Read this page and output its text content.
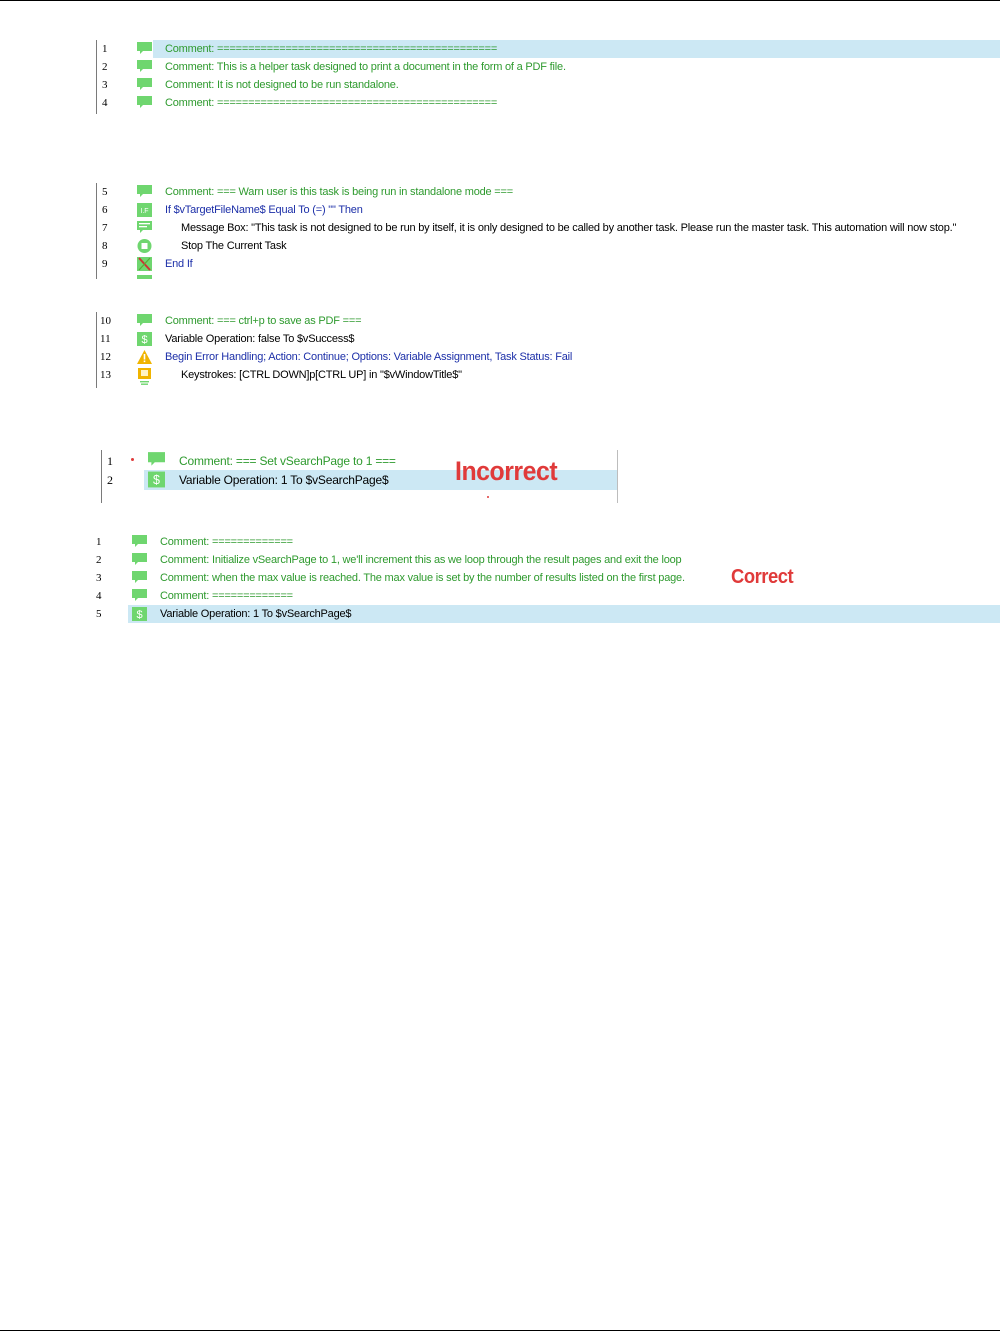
1	Comment: =============================================
2	Comment: This is a helper task designed to print a document in the form of a PDF file.
3	Comment: It is not designed to be run standalone.
4	Comment: =============================================
5	Comment: === Warn user is this task is being run in standalone mode ===
6	I.F If $vTargetFileName$ Equal To (=) "" Then
7	Message Box: "This task is not designed to be run by itself, it is only designed to be called by another task. Please run the master task. This automation will now stop."
8	Stop The Current Task
9	End If
10	Comment: === ctrl+p to save as PDF ===
11	$ Variable Operation: false To $vSuccess$
12	Begin Error Handling; Action: Continue; Options: Variable Assignment, Task Status: Fail
13	Keystrokes: [CTRL DOWN]p[CTRL UP] in "$vWindowTitle$"
1	Comment: === Set vSearchPage to 1 ===
2	$ Variable Operation: 1 To $vSearchPage$ Incorrect
1	Comment: =============
2	Comment: Initialize vSearchPage to 1, we'll increment this as we loop through the result pages and exit the loop
3	Comment: when the max value is reached. The max value is set by the number of results listed on the first page.
4	Comment: =============
5	$ Variable Operation: 1 To $vSearchPage$
Correct
